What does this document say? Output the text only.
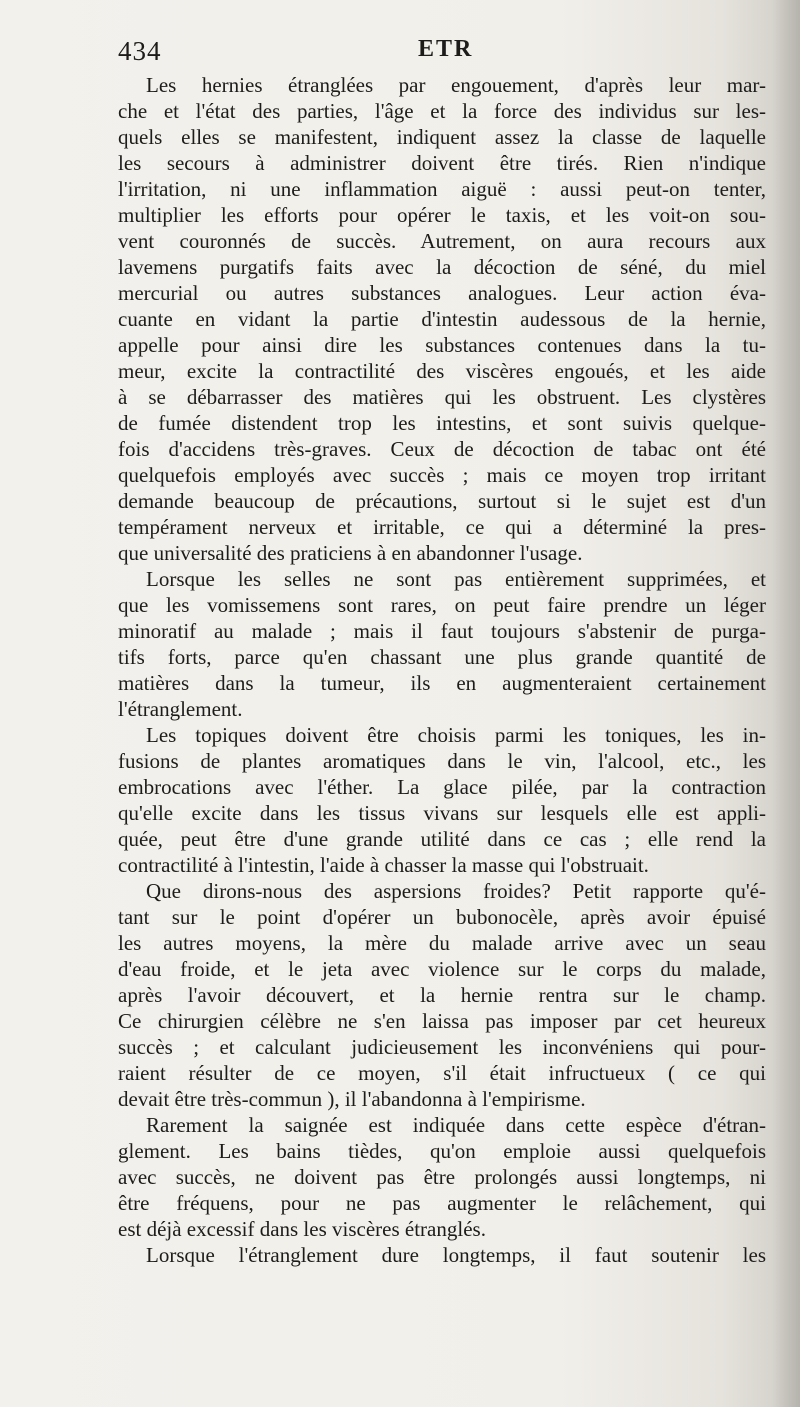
434	ETR
Les hernies étranglées par engouement, d'après leur mar-
che et l'état des parties, l'âge et la force des individus sur les-
quels elles se manifestent, indiquent assez la classe de laquelle
les secours à administrer doivent être tirés. Rien n'indique
l'irritation, ni une inflammation aiguë : aussi peut-on tenter,
multiplier les efforts pour opérer le taxis, et les voit-on sou-
vent couronnés de succès. Autrement, on aura recours aux
lavemens purgatifs faits avec la décoction de séné, du miel
mercurial ou autres substances analogues. Leur action éva-
cuante en vidant la partie d'intestin audessous de la hernie,
appelle pour ainsi dire les substances contenues dans la tu-
meur, excite la contractilité des viscères engoués, et les aide
à se débarrasser des matières qui les obstruent. Les clystères
de fumée distendent trop les intestins, et sont suivis quelque-
fois d'accidens très-graves. Ceux de décoction de tabac ont été
quelquefois employés avec succès ; mais ce moyen trop irritant
demande beaucoup de précautions, surtout si le sujet est d'un
tempérament nerveux et irritable, ce qui a déterminé la pres-
que universalité des praticiens à en abandonner l'usage.
Lorsque les selles ne sont pas entièrement supprimées, et
que les vomissemens sont rares, on peut faire prendre un léger
minoratif au malade ; mais il faut toujours s'abstenir de purga-
tifs forts, parce qu'en chassant une plus grande quantité de
matières dans la tumeur, ils en augmenteraient certainement
l'étranglement.
Les topiques doivent être choisis parmi les toniques, les in-
fusions de plantes aromatiques dans le vin, l'alcool, etc., les
embrocations avec l'éther. La glace pilée, par la contraction
qu'elle excite dans les tissus vivans sur lesquels elle est appli-
quée, peut être d'une grande utilité dans ce cas ; elle rend la
contractilité à l'intestin, l'aide à chasser la masse qui l'obstruait.
Que dirons-nous des aspersions froides? Petit rapporte qu'é-
tant sur le point d'opérer un bubonocèle, après avoir épuisé
les autres moyens, la mère du malade arrive avec un seau
d'eau froide, et le jeta avec violence sur le corps du malade,
après l'avoir découvert, et la hernie rentra sur le champ.
Ce chirurgien célèbre ne s'en laissa pas imposer par cet heureux
succès ; et calculant judicieusement les inconvéniens qui pour-
raient résulter de ce moyen, s'il était infructueux ( ce qui
devait être très-commun ), il l'abandonna à l'empirisme.
Rarement la saignée est indiquée dans cette espèce d'étran-
glement. Les bains tièdes, qu'on emploie aussi quelquefois
avec succès, ne doivent pas être prolongés aussi longtemps, ni
être fréquens, pour ne pas augmenter le relâchement, qui
est déjà excessif dans les viscères étranglés.
Lorsque l'étranglement dure longtemps, il faut soutenir les
